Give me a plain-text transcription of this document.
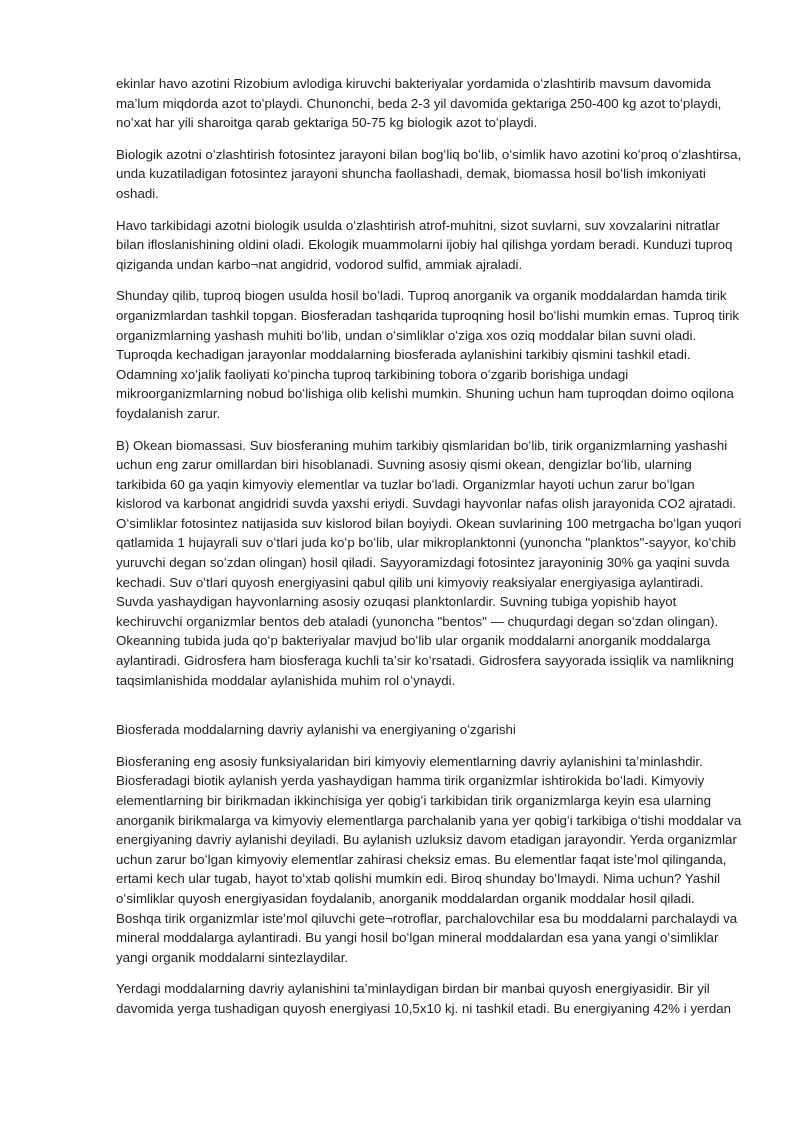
ekinlar havo azotini Rizobium avlodiga kiruvchi bakteriyalar yordamida oʻzlashtirib mavsum davomida maʼlum miqdorda azot toʻplaydi. Chunonchi, beda 2-3 yil davomida gektariga 250-400 kg azot toʻplaydi, noʻxat har yili sharoitga qarab gektariga 50-75 kg biologik azot toʻplaydi.

Biologik azotni oʻzlashtirish fotosintez jarayoni bilan bogʻliq boʻlib, oʻsimlik havo azotini koʻproq oʻzlashtirsa, unda kuzatiladigan fotosintez jarayoni shuncha faollashadi, demak, biomassa hosil boʻlish imkoniyati oshadi.

Havo tarkibidagi azotni biologik usulda oʻzlashtirish atrof-muhitni, sizot suvlarni, suv xovzalarini nitratlar bilan ifloslanishining oldini oladi. Ekologik muammolarni ijobiy hal qilishga yordam beradi. Kunduzi tuproq qiziganda undan karbo¬nat angidrid, vodorod sulfid, ammiak ajraladi.

Shunday qilib, tuproq biogen usulda hosil boʻladi. Tuproq anorganik va organik moddalardan hamda tirik organizmlardan tashkil topgan. Biosferadan tashqarida tuproqning hosil boʻlishi mumkin emas. Tuproq tirik organizmlarning yashash muhiti boʻlib, undan oʻsimliklar oʻziga xos oziq moddalar bilan suvni oladi. Tuproqda kechadigan jarayonlar moddalarning biosferada aylanishini tarkibiy qismini tashkil etadi. Odamning xoʻjalik faoliyati koʻpincha tuproq tarkibining tobora oʻzgarib borishiga undagi mikroorganizmlarning nobud boʻlishiga olib kelishi mumkin. Shuning uchun ham tuproqdan doimo oqilona foydalanish zarur.

B) Okean biomassasi. Suv biosferaning muhim tarkibiy qismlaridan boʻlib, tirik organizmlarning yashashi uchun eng zarur omillardan biri hisoblanadi. Suvning asosiy qismi okean, dengizlar boʻlib, ularning tarkibida 60 ga yaqin kimyoviy elementlar va tuzlar boʻladi. Organizmlar hayoti uchun zarur boʻlgan kislorod va karbonat angidridi suvda yaxshi eriydi. Suvdagi hayvonlar nafas olish jarayonida CO2 ajratadi. Oʻsimliklar fotosintez natijasida suv kislorod bilan boyiydi. Okean suvlarining 100 metrgacha boʻlgan yuqori qatlamida 1 hujayrali suv oʻtlari juda koʻp boʻlib, ular mikroplanktonni (yunoncha "planktos"-sayyor, koʻchib yuruvchi degan soʻzdan olingan) hosil qiladi. Sayyoramizdagi fotosintez jarayoninig 30% ga yaqini suvda kechadi. Suv oʻtlari quyosh energiyasini qabul qilib uni kimyoviy reaksiyalar energiyasiga aylantiradi. Suvda yashaydigan hayvonlarning asosiy ozuqasi planktonlardir. Suvning tubiga yopishib hayot kechiruvchi organizmlar bentos deb ataladi (yunoncha "bentos" — chuqurdagi degan soʻzdan olingan). Okeanning tubida juda qoʻp bakteriyalar mavjud boʻlib ular organik moddalarni anorganik moddalarga aylantiradi. Gidrosfera ham biosferaga kuchli taʼsir koʻrsatadi. Gidrosfera sayyorada issiqlik va namlikning taqsimlanishida moddalar aylanishida muhim rol oʻynaydi.

Biosferada moddalarning davriy aylanishi va energiyaning oʻzgarishi

Biosferaning eng asosiy funksiyalaridan biri kimyoviy elementlarning davriy aylanishini taʼminlashdir. Biosferadagi biotik aylanish yerda yashaydigan hamma tirik organizmlar ishtirokida boʻladi. Kimyoviy elementlarning bir birikmadan ikkinchisiga yer qobigʻi tarkibidan tirik organizmlarga keyin esa ularning anorganik birikmalarga va kimyoviy elementlarga parchalanib yana yer qobigʻi tarkibiga oʻtishi moddalar va energiyaning davriy aylanishi deyiladi. Bu aylanish uzluksiz davom etadigan jarayondir. Yerda organizmlar uchun zarur boʻlgan kimyoviy elementlar zahirasi cheksiz emas. Bu elementlar faqat isteʼmol qilinganda, ertami kech ular tugab, hayot toʻxtab qolishi mumkin edi. Biroq shunday boʻlmaydi. Nima uchun? Yashil oʻsimliklar quyosh energiyasidan foydalanib, anorganik moddalardan organik moddalar hosil qiladi. Boshqa tirik organizmlar isteʼmol qiluvchi gete¬rotroflar, parchalovchilar esa bu moddalarni parchalaydi va mineral moddalarga aylantiradi. Bu yangi hosil boʻlgan mineral moddalardan esa yana yangi oʻsimliklar yangi organik moddalarni sintezlaydilar.

Yerdagi moddalarning davriy aylanishini taʼminlaydigan birdan bir manbai quyosh energiyasidir. Bir yil davomida yerga tushadigan quyosh energiyasi 10,5x10 kj. ni tashkil etadi. Bu energiyaning 42% i yerdan
